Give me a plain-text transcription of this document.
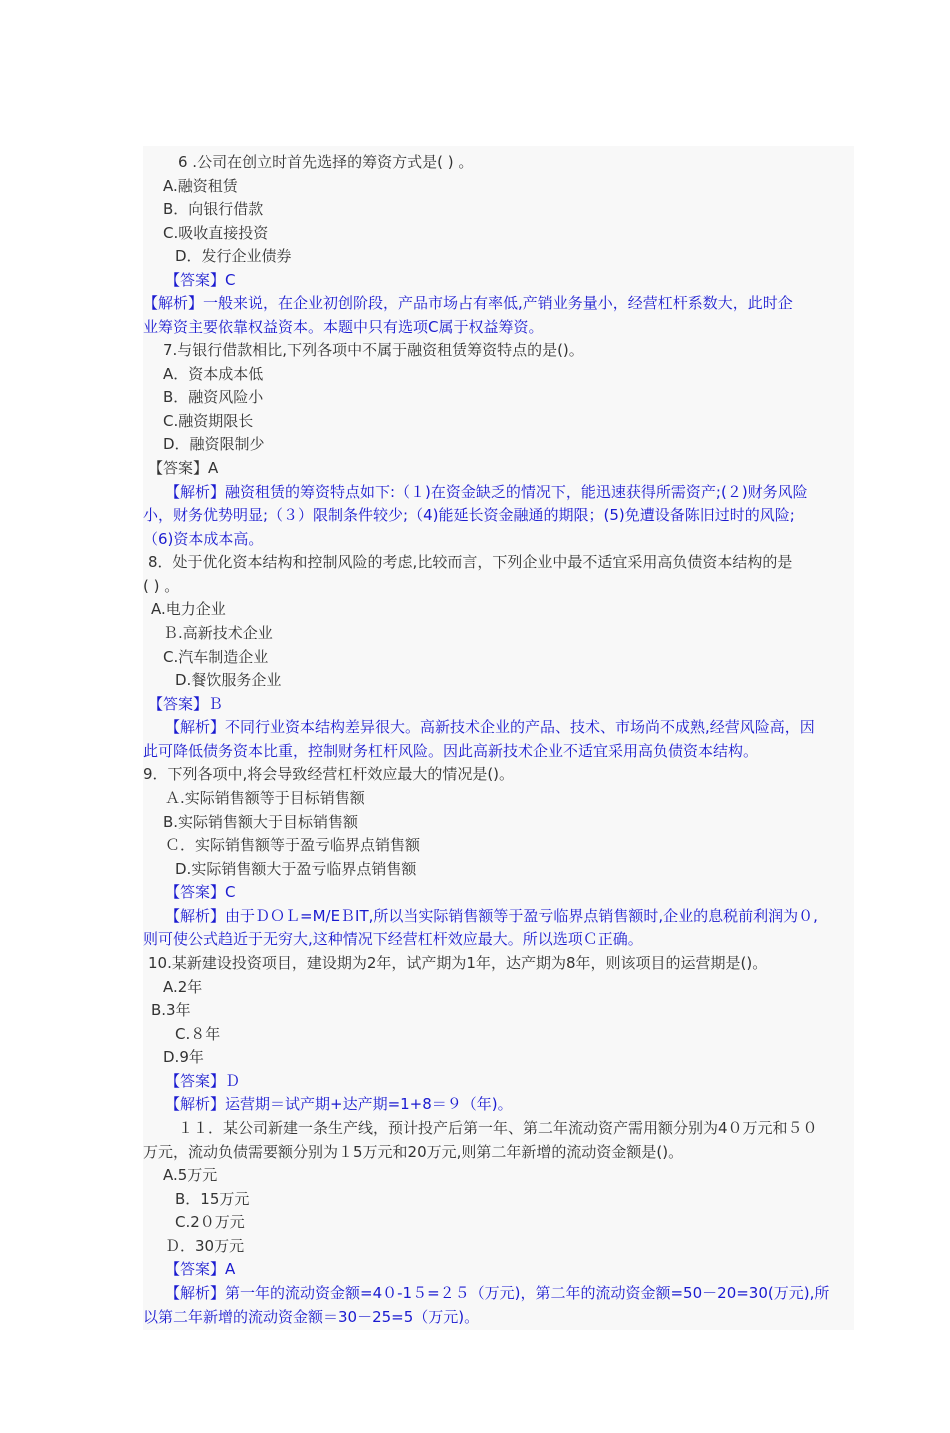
6 .公司在创立时首先选择的筹资方式是( ) 。
A.融资租赁
B．向银行借款
C.吸收直接投资
D．发行企业债券
【答案】C
【解析】一般来说，在企业初创阶段，产品市场占有率低,产销业务量小，经营杠杆系数大，此时企
业筹资主要依靠权益资本。本题中只有选项C属于权益筹资。
7.与银行借款相比,下列各项中不属于融资租赁筹资特点的是()。
A．资本成本低
B．融资风险小
C.融资期限长
D．融资限制少
【答案】A
【解析】融资租赁的筹资特点如下:（１)在资金缺乏的情况下，能迅速获得所需资产;(２)财务风险
小，财务优势明显;（３）限制条件较少;（4)能延长资金融通的期限；(5)免遭设备陈旧过时的风险;
（6)资本成本高。
8．处于优化资本结构和控制风险的考虑,比较而言，下列企业中最不适宜采用高负债资本结构的是
( ) 。
A.电力企业
Ｂ.高新技术企业
C.汽车制造企业
D.餐饮服务企业
【答案】Ｂ
【解析】不同行业资本结构差异很大。高新技术企业的产品、技术、市场尚不成熟,经营风险高，因
此可降低债务资本比重，控制财务杠杆风险。因此高新技术企业不适宜采用高负债资本结构。
9．下列各项中,将会导致经营杠杆效应最大的情况是()。
Ａ.实际销售额等于目标销售额
B.实际销售额大于目标销售额
Ｃ．实际销售额等于盈亏临界点销售额
D.实际销售额大于盈亏临界点销售额
【答案】C
【解析】由于ＤＯＬ=M/EＢIT,所以当实际销售额等于盈亏临界点销售额时,企业的息税前利润为０,
则可使公式趋近于无穷大,这种情况下经营杠杆效应最大。所以选项Ｃ正确。
10.某新建设投资项目，建设期为2年，试产期为1年，达产期为8年，则该项目的运营期是()。
A.2年
B.3年
C.８年
D.9年
【答案】Ｄ
【解析】运营期＝试产期+达产期=1+8＝９（年)。
１１．某公司新建一条生产线，预计投产后第一年、第二年流动资产需用额分别为4０万元和５０
万元，流动负债需要额分别为１5万元和20万元,则第二年新增的流动资金额是()。
A.5万元
B．15万元
C.2０万元
Ｄ．30万元
【答案】A
【解析】第一年的流动资金额=4０-1５=２５（万元)，第二年的流动资金额=50－20=30(万元),所
以第二年新增的流动资金额＝30－25=5（万元)。
